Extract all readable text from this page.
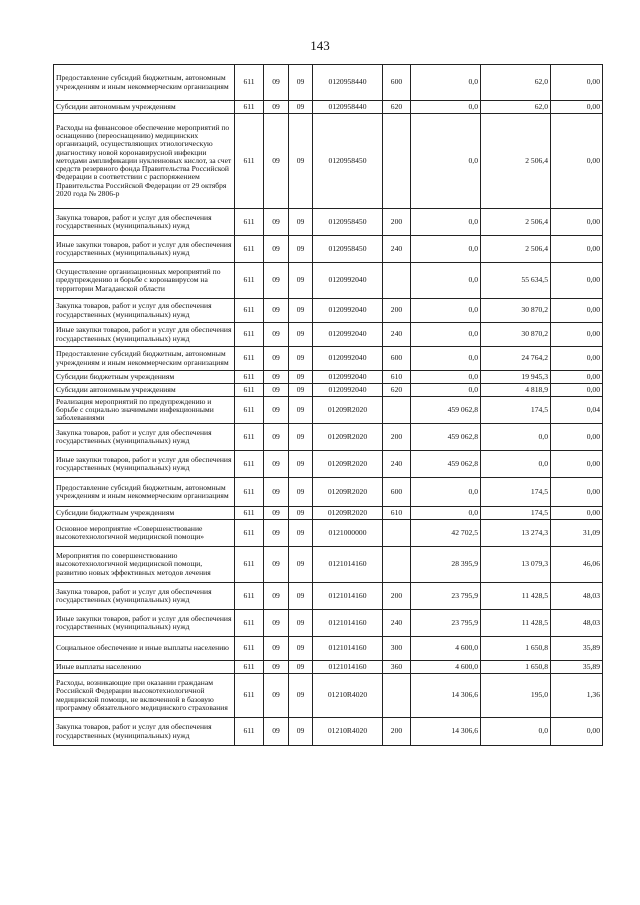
143
Предоставление субсидий бюджетным, автономным учреждениям и иным некоммерческим организациям	611	09	09	0120958440	600	0,0	62,0	0,00
Субсидии автономным учреждениям	611	09	09	0120958440	620	0,0	62,0	0,00
Расходы на финансовое обеспечение мероприятий по оснащению (переоснащению) медицинских организаций, осуществляющих этиологическую диагностику новой коронавирусной инфекции методами амплификации нуклеиновых кислот, за счет средств резервного фонда Правительства Российской Федерации в соответствии с распоряжением Правительства Российской Федерации от 29 октября 2020 года № 2806-р	611	09	09	0120958450		0,0	2 506,4	0,00
Закупка товаров, работ и услуг для обеспечения государственных (муниципальных) нужд	611	09	09	0120958450	200	0,0	2 506,4	0,00
Иные закупки товаров, работ и услуг для обеспечения государственных (муниципальных) нужд	611	09	09	0120958450	240	0,0	2 506,4	0,00
Осуществление организационных мероприятий по предупреждению и борьбе с коронавирусом на территории Магаданской области	611	09	09	0120992040		0,0	55 634,5	0,00
Закупка товаров, работ и услуг для обеспечения государственных (муниципальных) нужд	611	09	09	0120992040	200	0,0	30 870,2	0,00
Иные закупки товаров, работ и услуг для обеспечения государственных (муниципальных) нужд	611	09	09	0120992040	240	0,0	30 870,2	0,00
Предоставление субсидий бюджетным, автономным учреждениям и иным некоммерческим организациям	611	09	09	0120992040	600	0,0	24 764,2	0,00
Субсидии бюджетным учреждениям	611	09	09	0120992040	610	0,0	19 945,3	0,00
Субсидии автономным учреждениям	611	09	09	0120992040	620	0,0	4 818,9	0,00
Реализация мероприятий по предупреждению и борьбе с социально значимыми инфекционными заболеваниями	611	09	09	01209R2020		459 062,8	174,5	0,04
Закупка товаров, работ и услуг для обеспечения государственных (муниципальных) нужд	611	09	09	01209R2020	200	459 062,8	0,0	0,00
Иные закупки товаров, работ и услуг для обеспечения государственных (муниципальных) нужд	611	09	09	01209R2020	240	459 062,8	0,0	0,00
Предоставление субсидий бюджетным, автономным учреждениям и иным некоммерческим организациям	611	09	09	01209R2020	600	0,0	174,5	0,00
Субсидии бюджетным учреждениям	611	09	09	01209R2020	610	0,0	174,5	0,00
Основное мероприятие «Совершенствование высокотехнологичной медицинской помощи»	611	09	09	0121000000		42 702,5	13 274,3	31,09
Мероприятия по совершенствованию высокотехнологичной медицинской помощи, развитию новых эффективных методов лечения	611	09	09	0121014160		28 395,9	13 079,3	46,06
Закупка товаров, работ и услуг для обеспечения государственных (муниципальных) нужд	611	09	09	0121014160	200	23 795,9	11 428,5	48,03
Иные закупки товаров, работ и услуг для обеспечения государственных (муниципальных) нужд	611	09	09	0121014160	240	23 795,9	11 428,5	48,03
Социальное обеспечение и иные выплаты населению	611	09	09	0121014160	300	4 600,0	1 650,8	35,89
Иные выплаты населению	611	09	09	0121014160	360	4 600,0	1 650,8	35,89
Расходы, возникающие при оказании гражданам Российской Федерации высокотехнологичной медицинской помощи, не включенной в базовую программу обязательного медицинского страхования	611	09	09	01210R4020		14 306,6	195,0	1,36
Закупка товаров, работ и услуг для обеспечения государственных (муниципальных) нужд	611	09	09	01210R4020	200	14 306,6	0,0	0,00
